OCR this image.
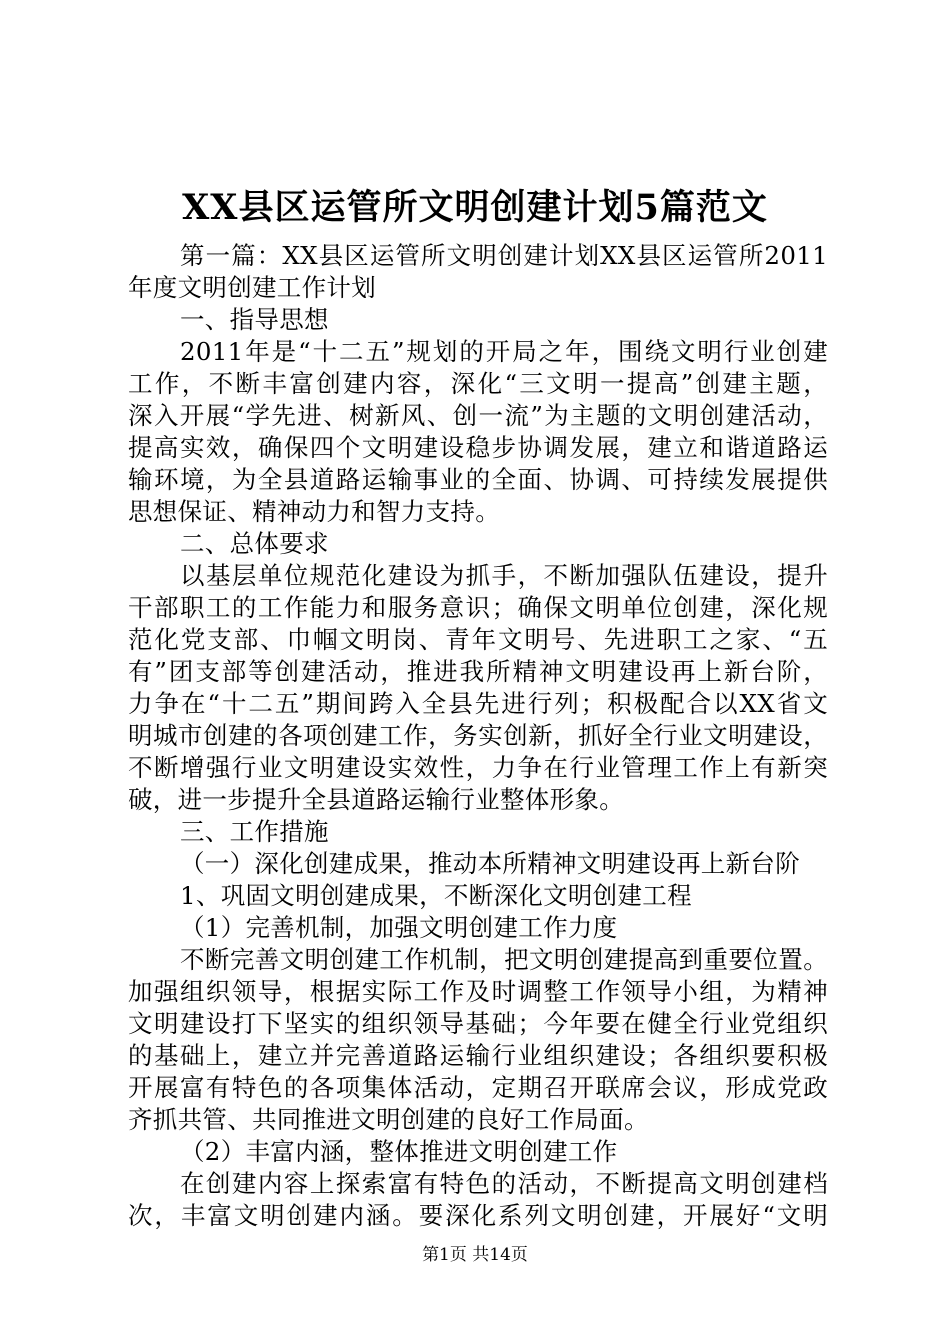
XX县区运管所文明创建计划5篇范文
第一篇：XX县区运管所文明创建计划XX县区运管所2011
年度文明创建工作计划
一、指导思想
2011年是“十二五”规划的开局之年，围绕文明行业创建
工作，不断丰富创建内容，深化“三文明一提高”创建主题，
深入开展“学先进、树新风、创一流”为主题的文明创建活动，
提高实效，确保四个文明建设稳步协调发展，建立和谐道路运
输环境，为全县道路运输事业的全面、协调、可持续发展提供
思想保证、精神动力和智力支持。
二、总体要求
以基层单位规范化建设为抓手，不断加强队伍建设，提升
干部职工的工作能力和服务意识；确保文明单位创建，深化规
范化党支部、巾帼文明岗、青年文明号、先进职工之家、“五
有”团支部等创建活动，推进我所精神文明建设再上新台阶，
力争在“十二五”期间跨入全县先进行列；积极配合以XX省文
明城市创建的各项创建工作，务实创新，抓好全行业文明建设，
不断增强行业文明建设实效性，力争在行业管理工作上有新突
破，进一步提升全县道路运输行业整体形象。
三、工作措施
（一）深化创建成果，推动本所精神文明建设再上新台阶
1、巩固文明创建成果，不断深化文明创建工程
（1）完善机制，加强文明创建工作力度
不断完善文明创建工作机制，把文明创建提高到重要位置。
加强组织领导，根据实际工作及时调整工作领导小组，为精神
文明建设打下坚实的组织领导基础；今年要在健全行业党组织
的基础上，建立并完善道路运输行业组织建设；各组织要积极
开展富有特色的各项集体活动，定期召开联席会议，形成党政
齐抓共管、共同推进文明创建的良好工作局面。
（2）丰富内涵，整体推进文明创建工作
在创建内容上探索富有特色的活动，不断提高文明创建档
次，丰富文明创建内涵。要深化系列文明创建，开展好“文明
第1页 共14页
